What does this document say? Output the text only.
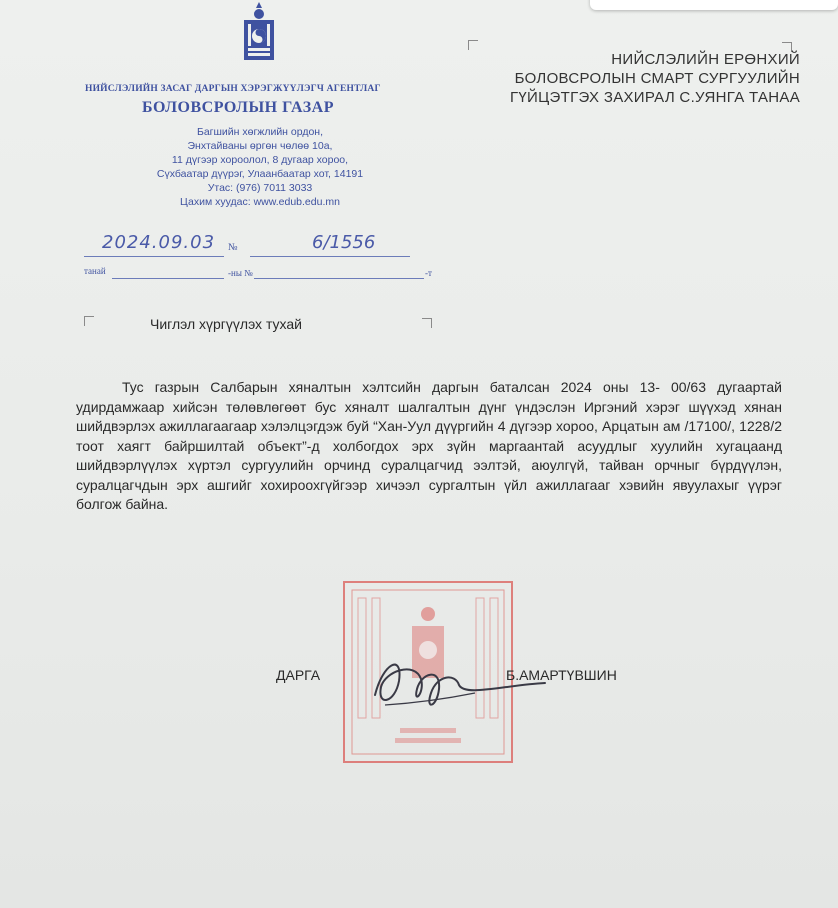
НИЙСЛЭЛИЙН ЗАСАГ ДАРГЫН ХЭРЭГЖҮҮЛЭГЧ АГЕНТЛАГ
БОЛОВСРОЛЫН ГАЗАР
Багшийн хөгжлийн ордон,
Энхтайваны өргөн чөлөө 10а,
11 дүгээр хороолол, 8 дугаар хороо,
Сүхбаатар дүүрэг, Улаанбаатар хот, 14191
Утас: (976) 7011 3033
Цахим хуудас: www.edub.edu.mn
НИЙСЛЭЛИЙН ЕРӨНХИЙ
БОЛОВСРОЛЫН СМАРТ СУРГУУЛИЙН
ГҮЙЦЭТГЭХ ЗАХИРАЛ С.УЯНГА ТАНАА
2024.09.03 №	6/1556
танай	-ны №	-т
Чиглэл хүргүүлэх тухай

Тус газрын Салбарын хяналтын хэлтсийн даргын баталсан 2024 оны 13- 00/63 дугаартай удирдамжаар хийсэн төлөвлөгөөт бус хяналт шалгалтын дүнг үндэслэн Иргэний хэрэг шүүхэд хянан шийдвэрлэх ажиллагаагаар хэлэлцэгдэж буй “Хан-Уул дүүргийн 4 дүгээр хороо, Арцатын ам /17100/, 1228/2 тоот хаягт байршилтай объект”-д холбогдох эрх зүйн маргаантай асуудлыг хуулийн хугацаанд шийдвэрлүүлэх хүртэл сургуулийн орчинд суралцагчид ээлтэй, аюулгүй, тайван орчныг бүрдүүлэн, суралцагчдын эрх ашгийг хохироохгүйгээр хичээл сургалтын үйл ажиллагааг хэвийн явуулахыг үүрэг болгож байна.

ДАРГА	Б.АМАРТҮВШИН
